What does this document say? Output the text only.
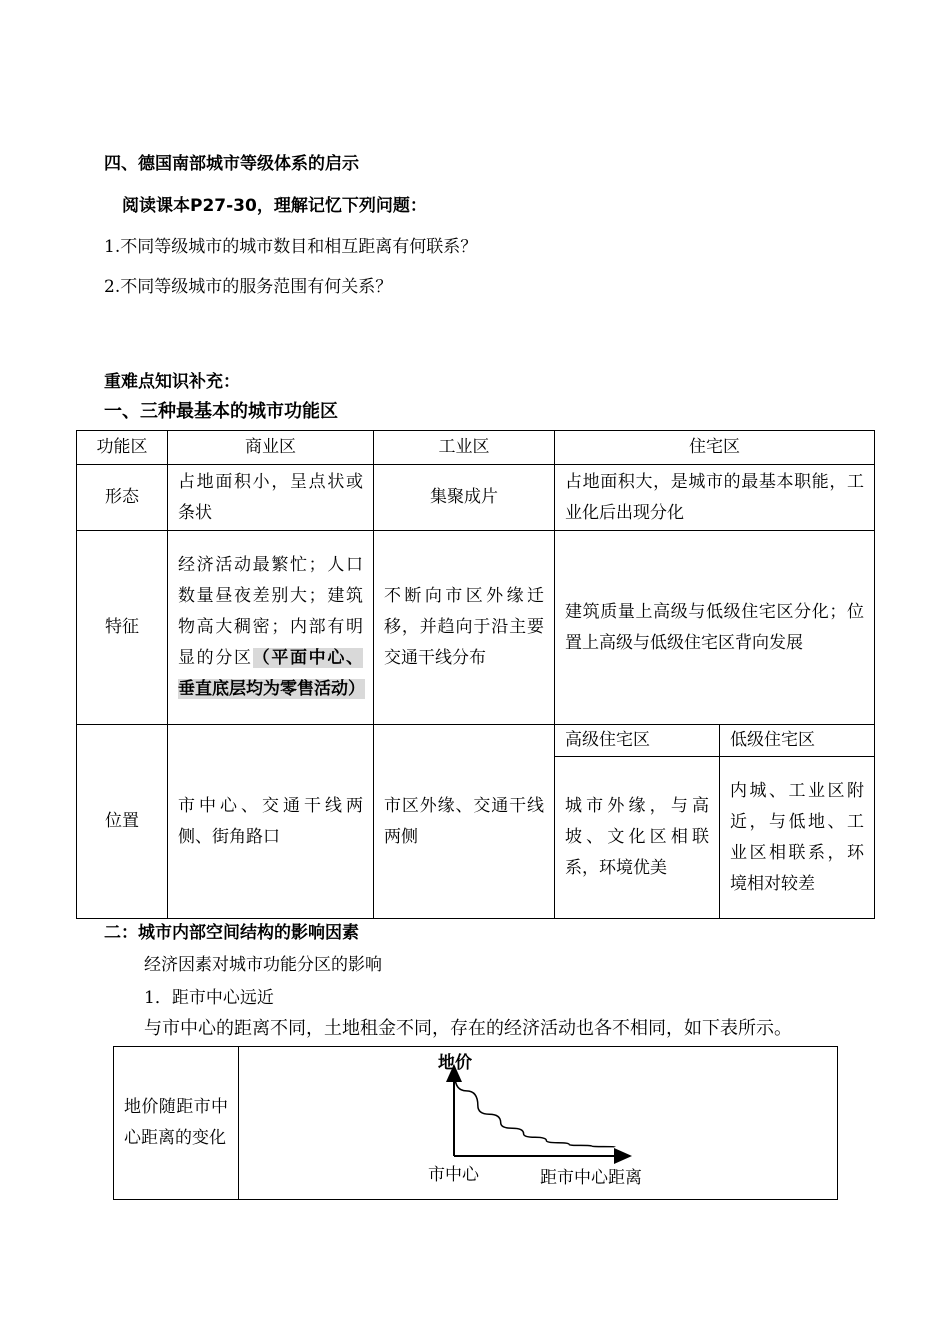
四、德国南部城市等级体系的启示
阅读课本P27-30，理解记忆下列问题：
1.不同等级城市的城市数目和相互距离有何联系？
2.不同等级城市的服务范围有何关系？
重难点知识补充：
一、三种最基本的城市功能区
功能区	商业区	工业区	住宅区	
形态	占地面积小，呈点状或条状	集聚成片	占地面积大，是城市的最基本职能，工业化后出现分化	
特征	经济活动最繁忙；人口数量昼夜差别大；建筑物高大稠密；内部有明显的分区（平面中心、垂直底层均为零售活动）	不断向市区外缘迁移，并趋向于沿主要交通干线分布	建筑质量上高级与低级住宅区分化；位置上高级与低级住宅区背向发展	
位置	市中心、交通干线两侧、街角路口	市区外缘、交通干线两侧	高级住宅区	低级住宅区
			城市外缘，与高坡、文化区相联系，环境优美	内城、工业区附近，与低地、工业区相联系，环境相对较差
二：城市内部空间结构的影响因素
经济因素对城市功能分区的影响
1．距市中心远近
与市中心的距离不同，土地租金不同，存在的经济活动也各不相同，如下表所示。
地价随距市中心距离的变化	
地价
市中心	距市中心距离
